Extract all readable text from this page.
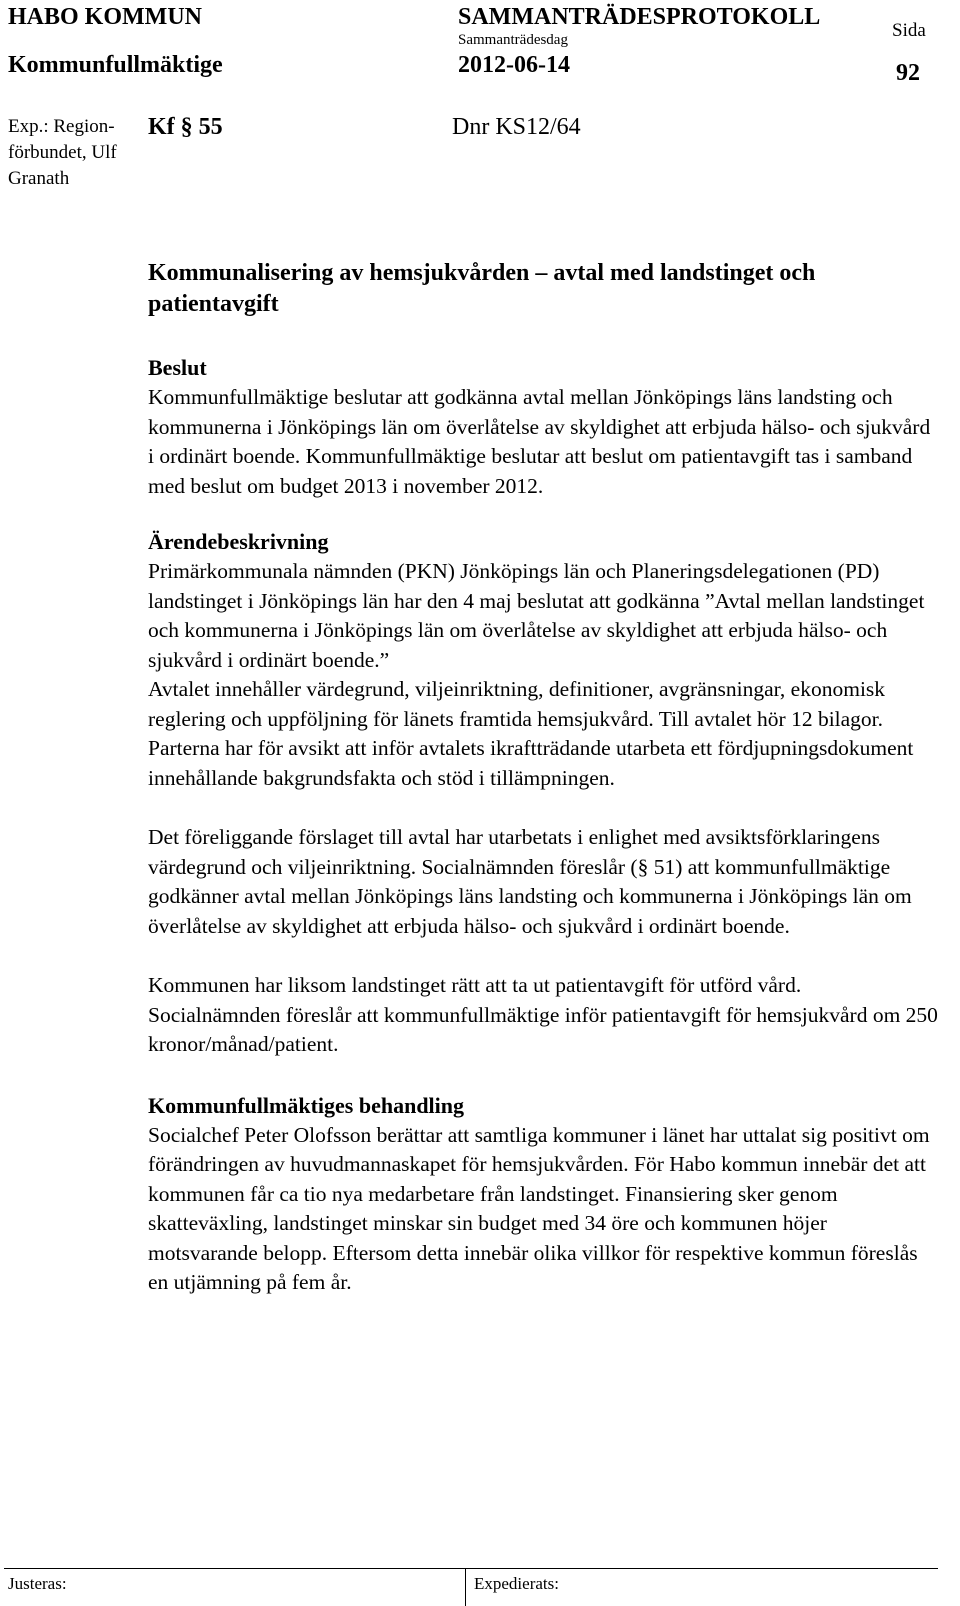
HABO KOMMUN
Kommunfullmäktige
SAMMANTRÄDESPROTOKOLL
Sammanträdesdag
2012-06-14
Sida
92
Exp.: Region-förbundet, Ulf Granath
Kf § 55	Dnr KS12/64
Kommunalisering av hemsjukvården – avtal med landstinget och patientavgift
Beslut

Kommunfullmäktige beslutar att godkänna avtal mellan Jönköpings läns landsting och kommunerna i Jönköpings län om överlåtelse av skyldighet att erbjuda hälso- och sjukvård i ordinärt boende. Kommunfullmäktige beslutar att beslut om patientavgift tas i samband med beslut om budget 2013 i november 2012.

Ärendebeskrivning

Primärkommunala nämnden (PKN) Jönköpings län och Planeringsdelegationen (PD) landstinget i Jönköpings län har den 4 maj beslutat att godkänna ”Avtal mellan landstinget och kommunerna i Jönköpings län om överlåtelse av skyldighet att erbjuda hälso- och sjukvård i ordinärt boende.”

Avtalet innehåller värdegrund, viljeinriktning, definitioner, avgränsningar, ekonomisk reglering och uppföljning för länets framtida hemsjukvård. Till avtalet hör 12 bilagor. Parterna har för avsikt att inför avtalets ikraftträdande utarbeta ett fördjupningsdokument innehållande bakgrundsfakta och stöd i tillämpningen.

Det föreliggande förslaget till avtal har utarbetats i enlighet med avsiktsförklaringens värdegrund och viljeinriktning. Socialnämnden föreslår (§ 51) att kommunfullmäktige godkänner avtal mellan Jönköpings läns landsting och kommunerna i Jönköpings län om överlåtelse av skyldighet att erbjuda hälso- och sjukvård i ordinärt boende.

Kommunen har liksom landstinget rätt att ta ut patientavgift för utförd vård. Socialnämnden föreslår att kommunfullmäktige inför patientavgift för hemsjukvård om 250 kronor/månad/patient.

Kommunfullmäktiges behandling

Socialchef Peter Olofsson berättar att samtliga kommuner i länet har uttalat sig positivt om förändringen av huvudmannaskapet för hemsjukvården. För Habo kommun innebär det att kommunen får ca tio nya medarbetare från landstinget. Finansiering sker genom skatteväxling, landstinget minskar sin budget med 34 öre och kommunen höjer motsvarande belopp. Eftersom detta innebär olika villkor för respektive kommun föreslås en utjämning på fem år.

Justeras:	Expedierats:
